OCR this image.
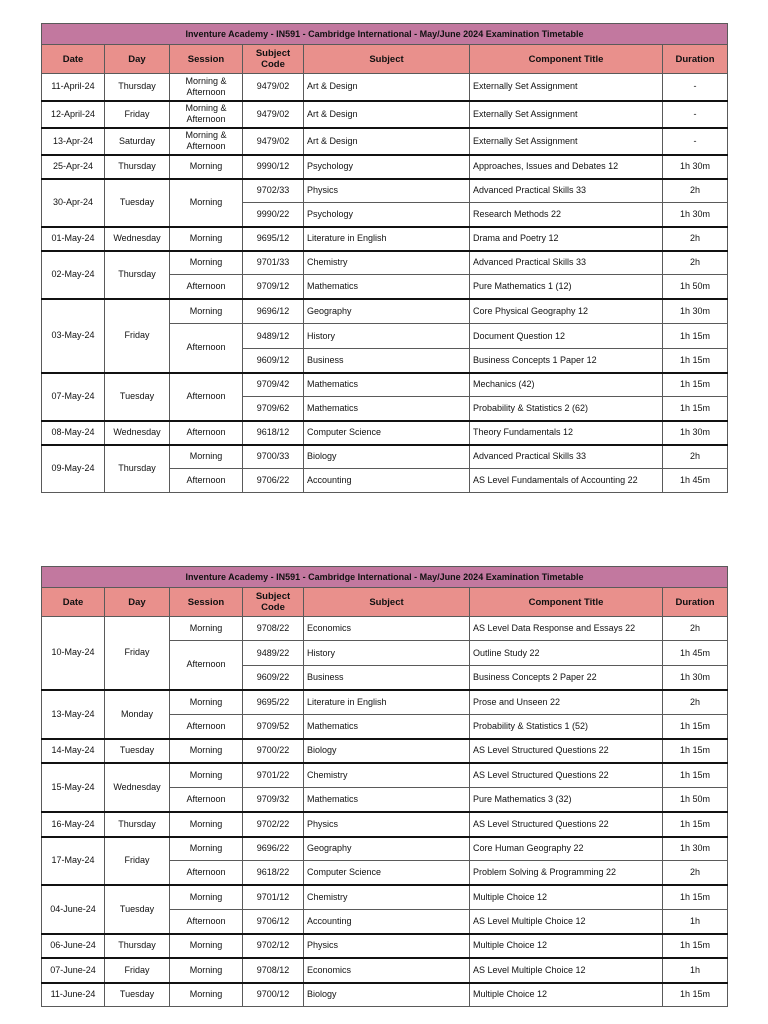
Inventure Academy - IN591 - Cambridge International - May/June 2024 Examination Timetable						
Date	Day	Session	Subject Code	Subject	Component Title	Duration
11-April-24	Thursday	Morning & Afternoon	9479/02	Art & Design	Externally Set Assignment	-
12-April-24	Friday	Morning & Afternoon	9479/02	Art & Design	Externally Set Assignment	-
13-Apr-24	Saturday	Morning & Afternoon	9479/02	Art & Design	Externally Set Assignment	-
25-Apr-24	Thursday	Morning	9990/12	Psychology	Approaches, Issues and Debates 12	1h 30m
30-Apr-24	Tuesday	Morning	9702/33	Physics	Advanced Practical Skills 33	2h
			9990/22	Psychology	Research Methods 22	1h 30m
01-May-24	Wednesday	Morning	9695/12	Literature in English	Drama and Poetry 12	2h
02-May-24	Thursday	Morning	9701/33	Chemistry	Advanced Practical Skills 33	2h
		Afternoon	9709/12	Mathematics	Pure Mathematics 1 (12)	1h 50m
03-May-24	Friday	Morning	9696/12	Geography	Core Physical Geography 12	1h 30m
		Afternoon	9489/12	History	Document Question 12	1h 15m
			9609/12	Business	Business Concepts 1 Paper 12	1h 15m
07-May-24	Tuesday	Afternoon	9709/42	Mathematics	Mechanics (42)	1h 15m
			9709/62	Mathematics	Probability & Statistics 2 (62)	1h 15m
08-May-24	Wednesday	Afternoon	9618/12	Computer Science	Theory Fundamentals 12	1h 30m
09-May-24	Thursday	Morning	9700/33	Biology	Advanced Practical Skills 33	2h
		Afternoon	9706/22	Accounting	AS Level Fundamentals of Accounting 22	1h 45m
Inventure Academy - IN591 - Cambridge International - May/June 2024 Examination Timetable						
Date	Day	Session	Subject Code	Subject	Component Title	Duration
10-May-24	Friday	Morning	9708/22	Economics	AS Level Data Response and Essays 22	2h
		Afternoon	9489/22	History	Outline Study 22	1h 45m
			9609/22	Business	Business Concepts 2 Paper 22	1h 30m
13-May-24	Monday	Morning	9695/22	Literature in English	Prose and Unseen 22	2h
		Afternoon	9709/52	Mathematics	Probability & Statistics 1 (52)	1h 15m
14-May-24	Tuesday	Morning	9700/22	Biology	AS Level Structured Questions 22	1h 15m
15-May-24	Wednesday	Morning	9701/22	Chemistry	AS Level Structured Questions 22	1h 15m
		Afternoon	9709/32	Mathematics	Pure Mathematics 3 (32)	1h 50m
16-May-24	Thursday	Morning	9702/22	Physics	AS Level Structured Questions 22	1h 15m
17-May-24	Friday	Morning	9696/22	Geography	Core Human Geography 22	1h 30m
		Afternoon	9618/22	Computer Science	Problem Solving & Programming 22	2h
04-June-24	Tuesday	Morning	9701/12	Chemistry	Multiple Choice 12	1h 15m
		Afternoon	9706/12	Accounting	AS Level Multiple Choice 12	1h
06-June-24	Thursday	Morning	9702/12	Physics	Multiple Choice 12	1h 15m
07-June-24	Friday	Morning	9708/12	Economics	AS Level Multiple Choice 12	1h
11-June-24	Tuesday	Morning	9700/12	Biology	Multiple Choice 12	1h 15m
